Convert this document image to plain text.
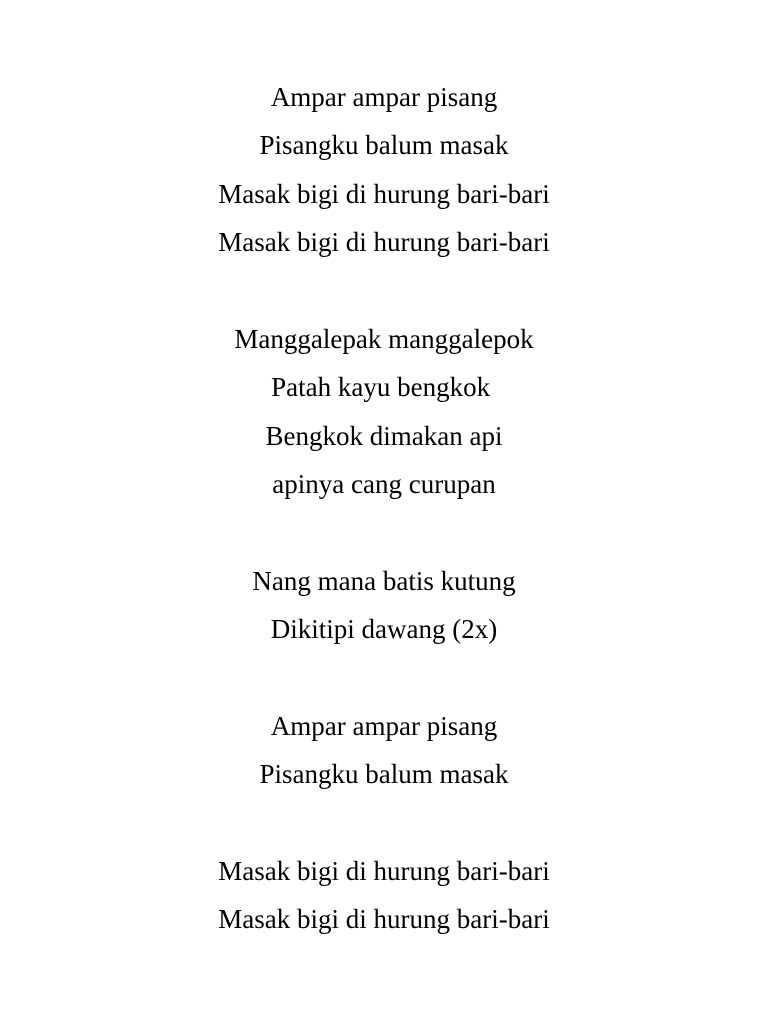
Ampar ampar pisang
Pisangku balum masak
Masak bigi di hurung bari-bari
Masak bigi di hurung bari-bari
Manggalepak manggalepok
Patah kayu bengkok
Bengkok dimakan api
apinya cang curupan
Nang mana batis kutung
Dikitipi dawang (2x)
Ampar ampar pisang
Pisangku balum masak
Masak bigi di hurung bari-bari
Masak bigi di hurung bari-bari
